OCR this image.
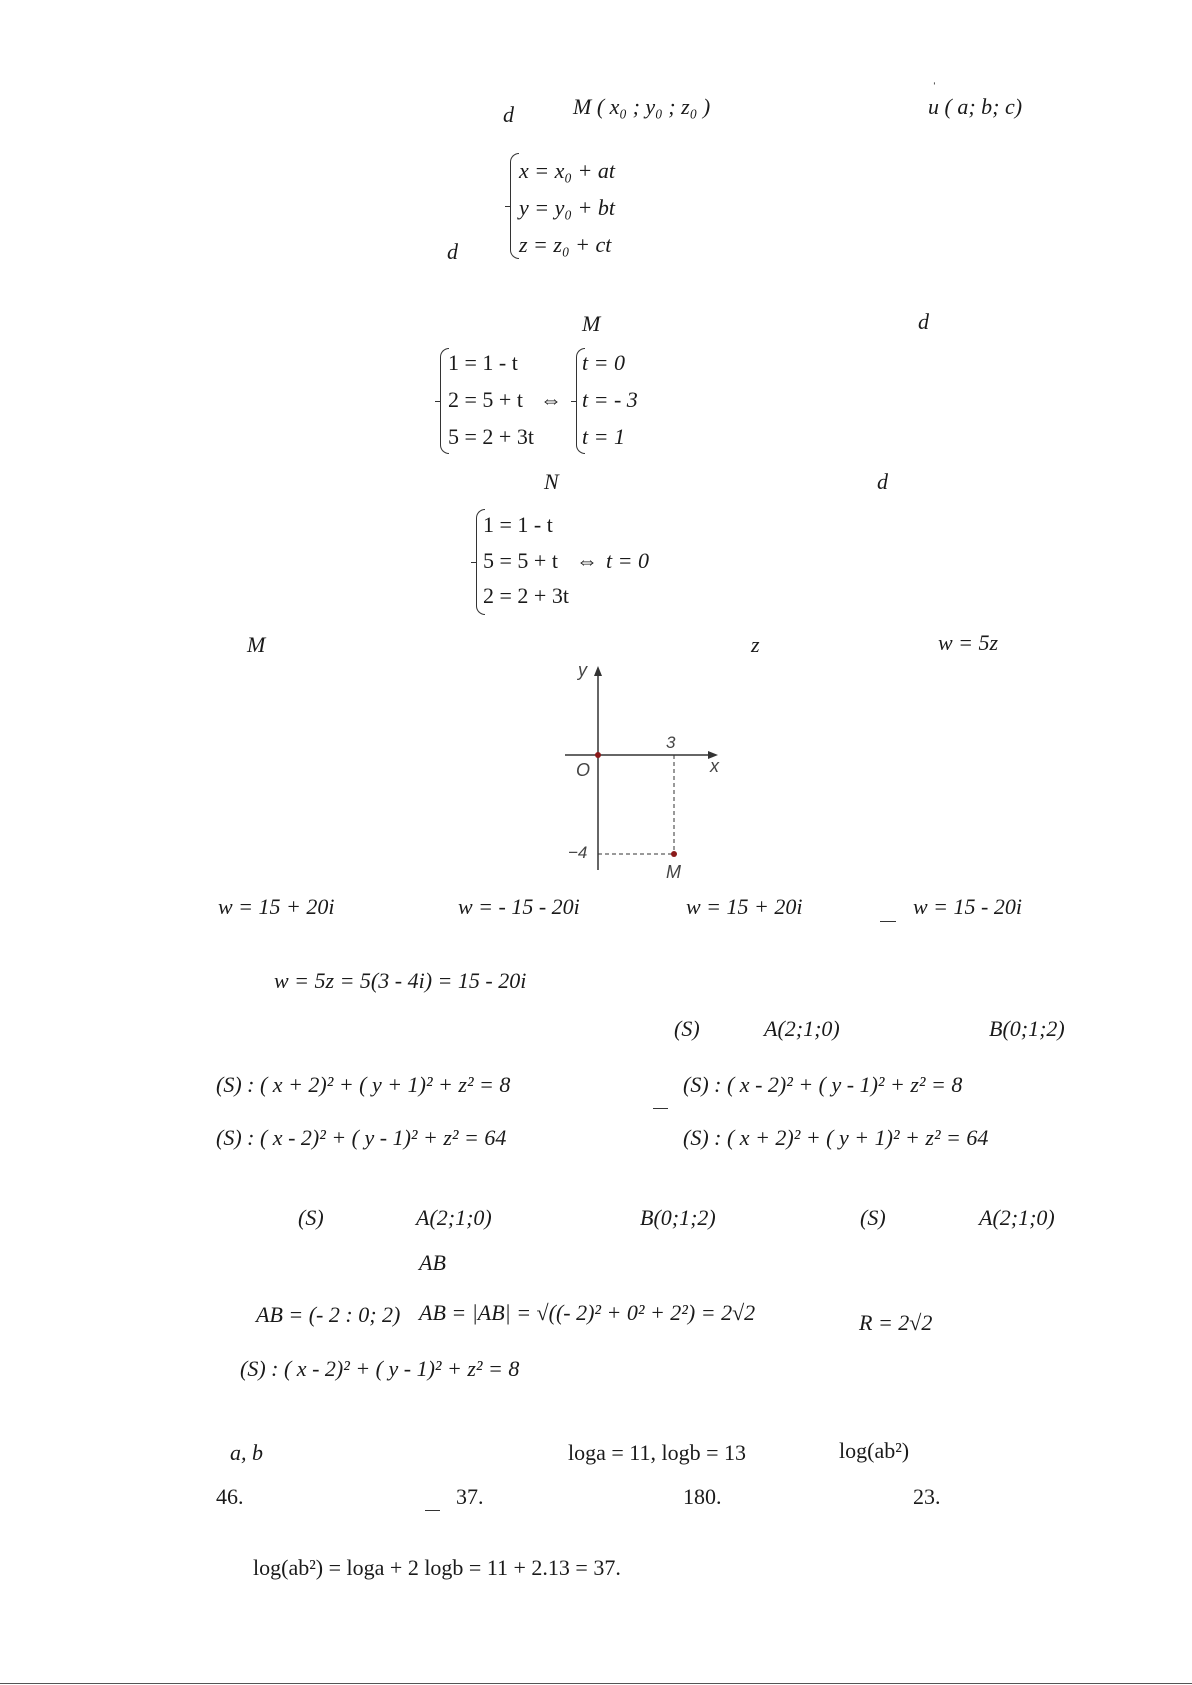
d	M ( x₀ ; y₀ ; z₀ )	u ( a; b; c)
ˈ
x = x₀ + at
y = y₀ + bt
z = z₀ + ct
d
M	d
1 = 1 - t
2 = 5 + t
5 = 2 + 3t
⇔
t = 0
t = - 3
t = 1
N	d
1 = 1 - t
5 = 5 + t
2 = 2 + 3t
⇔ t = 0
M	z	w = 5z
y
x
O
3
−4
M
w = 15 + 20i	w = - 15 - 20i	w = 15 + 20i	w = 15 - 20i
w = 5z = 5(3 - 4i) = 15 - 20i
(S)	A(2;1;0)	B(0;1;2)
(S) : ( x + 2)² + ( y + 1)² + z² = 8	(S) : ( x - 2)² + ( y - 1)² + z² = 8
(S) : ( x - 2)² + ( y - 1)² + z² = 64	(S) : ( x + 2)² + ( y + 1)² + z² = 64
(S)	A(2;1;0)	B(0;1;2)	(S)	A(2;1;0)
AB
AB = (- 2 : 0; 2) AB = |AB| = √((- 2)² + 0² + 2²) = 2√2	R = 2√2
(S) : ( x - 2)² + ( y - 1)² + z² = 8
a, b	loga = 11, logb = 13	log(ab²)
46.	37.	180.	23.
log(ab²) = loga + 2 logb = 11 + 2.13 = 37.
